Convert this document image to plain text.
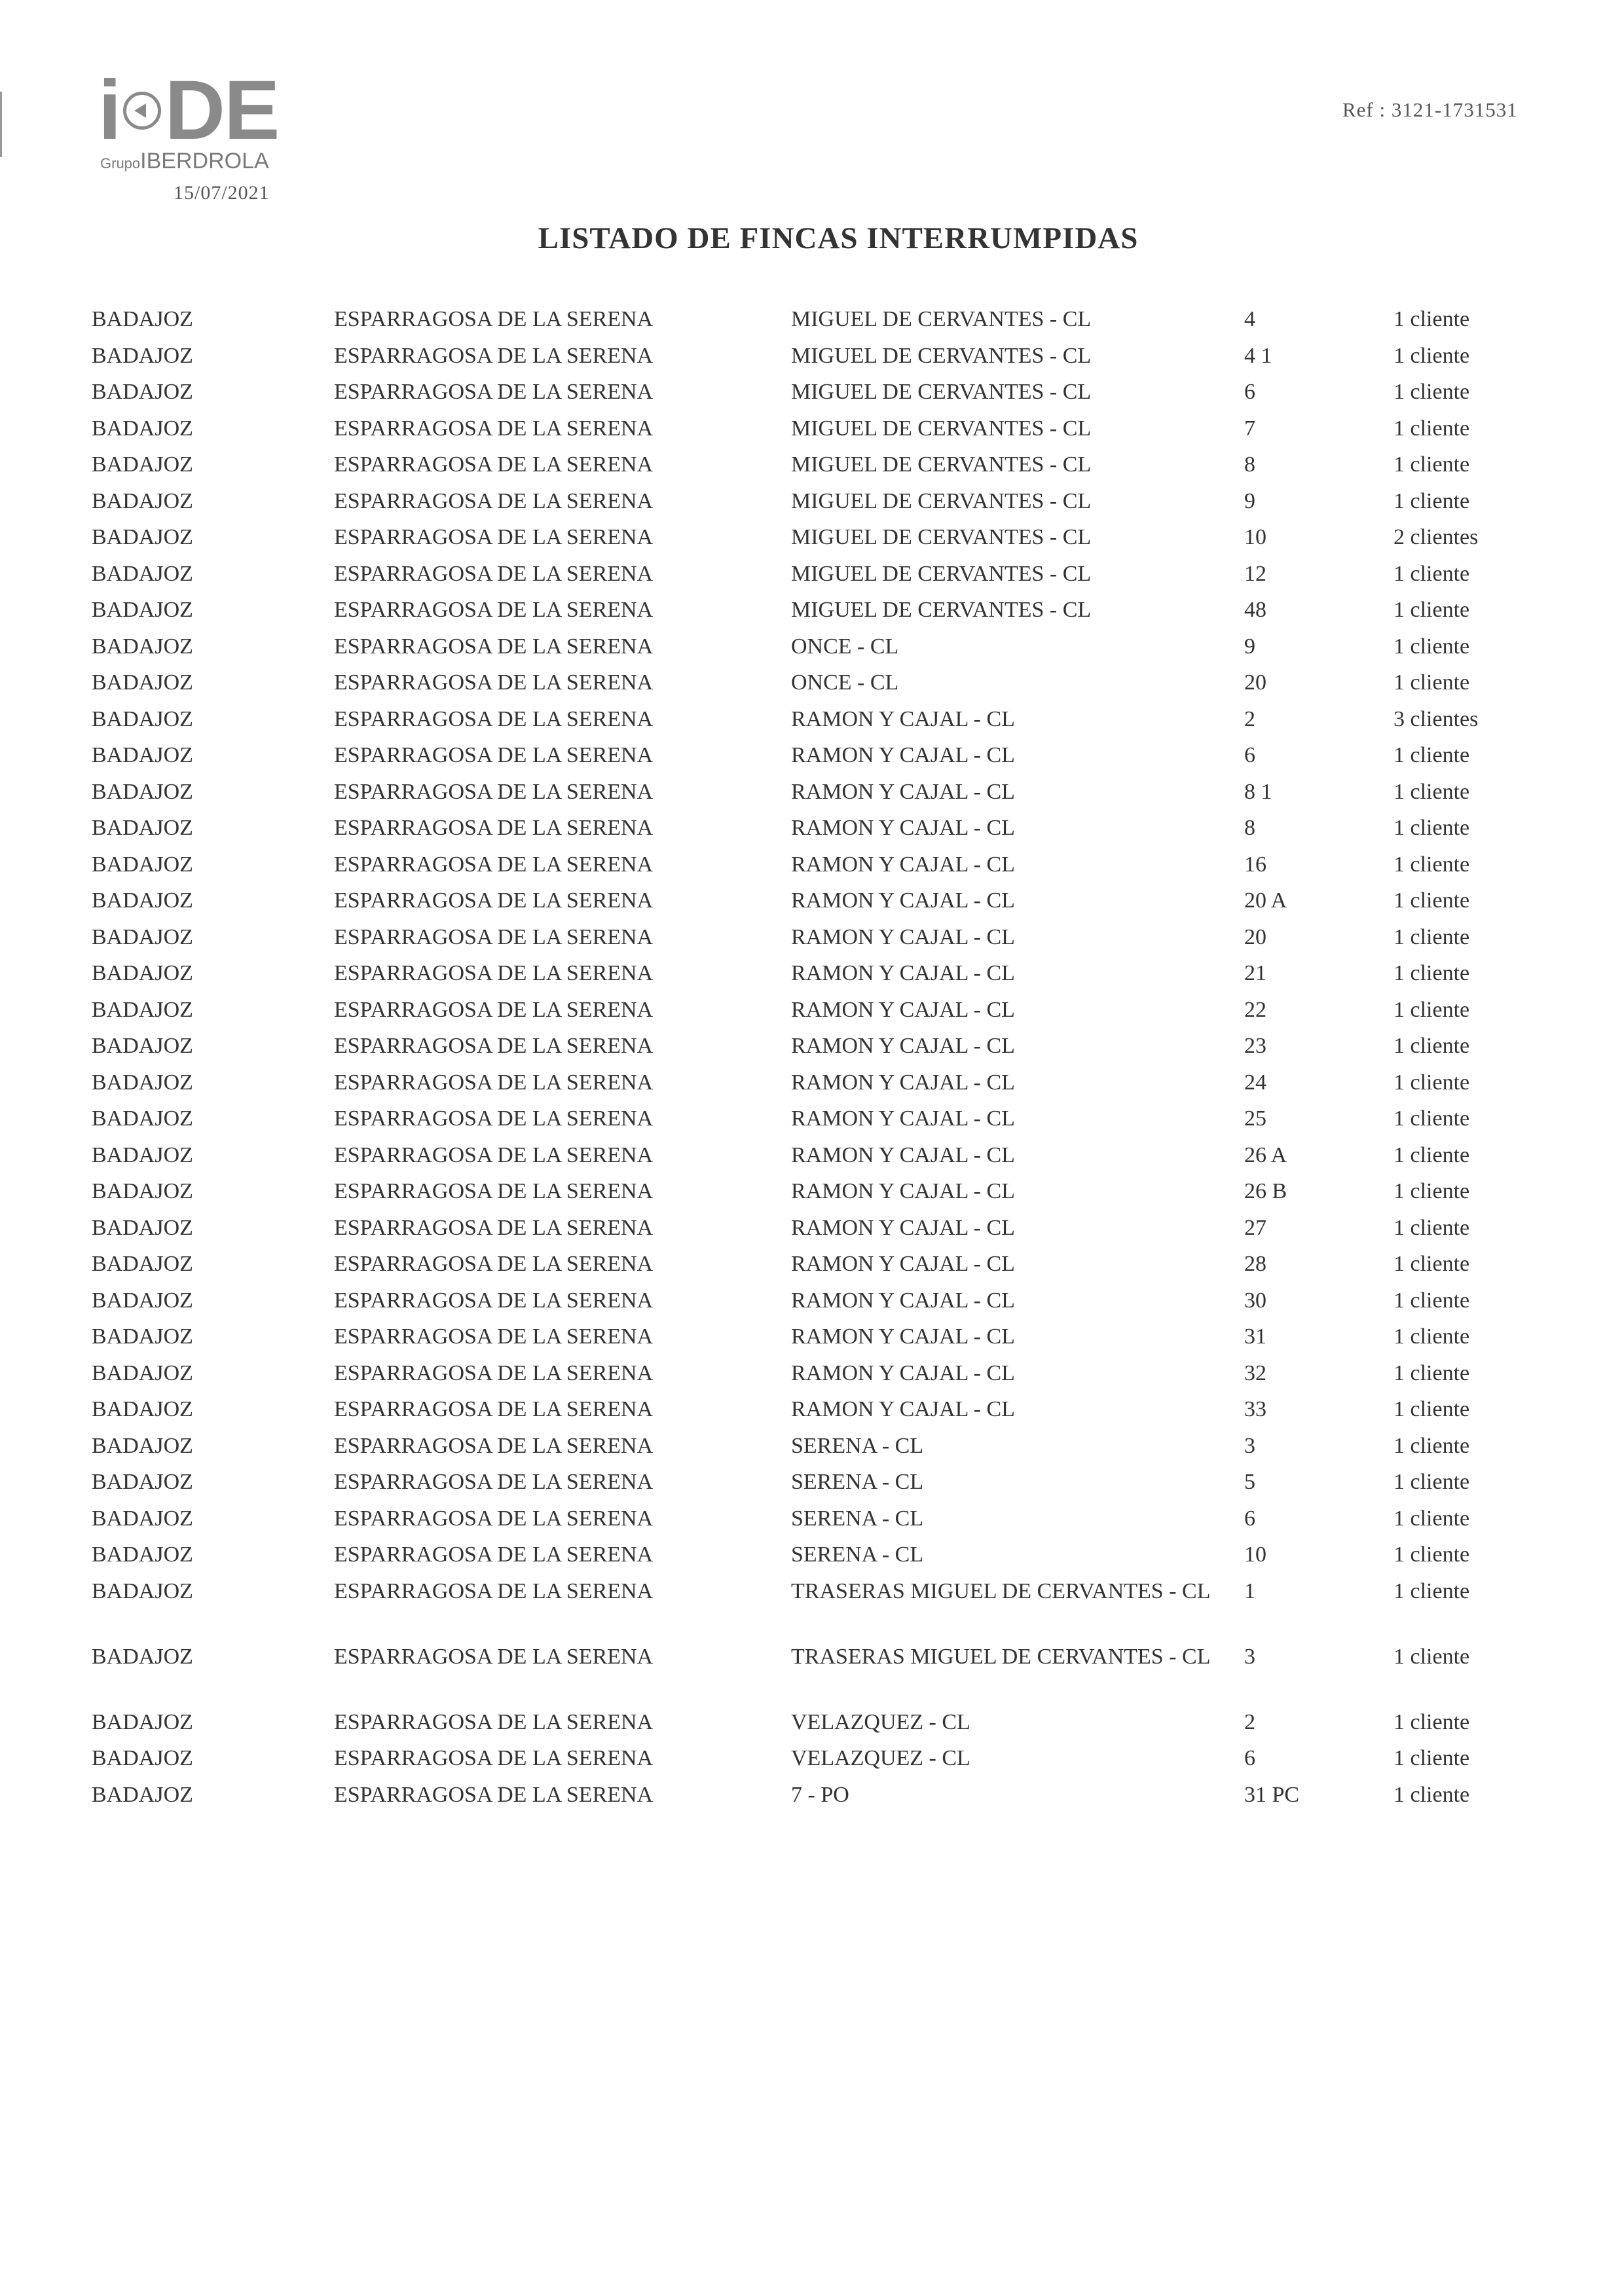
i DE
GrupoIBERDROLA
15/07/2021
Ref : 3121-1731531
LISTADO DE FINCAS INTERRUMPIDAS
BADAJOZ	ESPARRAGOSA DE LA SERENA	MIGUEL DE CERVANTES - CL	4	1 cliente
BADAJOZ	ESPARRAGOSA DE LA SERENA	MIGUEL DE CERVANTES - CL	4 1	1 cliente
BADAJOZ	ESPARRAGOSA DE LA SERENA	MIGUEL DE CERVANTES - CL	6	1 cliente
BADAJOZ	ESPARRAGOSA DE LA SERENA	MIGUEL DE CERVANTES - CL	7	1 cliente
BADAJOZ	ESPARRAGOSA DE LA SERENA	MIGUEL DE CERVANTES - CL	8	1 cliente
BADAJOZ	ESPARRAGOSA DE LA SERENA	MIGUEL DE CERVANTES - CL	9	1 cliente
BADAJOZ	ESPARRAGOSA DE LA SERENA	MIGUEL DE CERVANTES - CL	10	2 clientes
BADAJOZ	ESPARRAGOSA DE LA SERENA	MIGUEL DE CERVANTES - CL	12	1 cliente
BADAJOZ	ESPARRAGOSA DE LA SERENA	MIGUEL DE CERVANTES - CL	48	1 cliente
BADAJOZ	ESPARRAGOSA DE LA SERENA	ONCE - CL	9	1 cliente
BADAJOZ	ESPARRAGOSA DE LA SERENA	ONCE - CL	20	1 cliente
BADAJOZ	ESPARRAGOSA DE LA SERENA	RAMON Y CAJAL - CL	2	3 clientes
BADAJOZ	ESPARRAGOSA DE LA SERENA	RAMON Y CAJAL - CL	6	1 cliente
BADAJOZ	ESPARRAGOSA DE LA SERENA	RAMON Y CAJAL - CL	8 1	1 cliente
BADAJOZ	ESPARRAGOSA DE LA SERENA	RAMON Y CAJAL - CL	8	1 cliente
BADAJOZ	ESPARRAGOSA DE LA SERENA	RAMON Y CAJAL - CL	16	1 cliente
BADAJOZ	ESPARRAGOSA DE LA SERENA	RAMON Y CAJAL - CL	20 A	1 cliente
BADAJOZ	ESPARRAGOSA DE LA SERENA	RAMON Y CAJAL - CL	20	1 cliente
BADAJOZ	ESPARRAGOSA DE LA SERENA	RAMON Y CAJAL - CL	21	1 cliente
BADAJOZ	ESPARRAGOSA DE LA SERENA	RAMON Y CAJAL - CL	22	1 cliente
BADAJOZ	ESPARRAGOSA DE LA SERENA	RAMON Y CAJAL - CL	23	1 cliente
BADAJOZ	ESPARRAGOSA DE LA SERENA	RAMON Y CAJAL - CL	24	1 cliente
BADAJOZ	ESPARRAGOSA DE LA SERENA	RAMON Y CAJAL - CL	25	1 cliente
BADAJOZ	ESPARRAGOSA DE LA SERENA	RAMON Y CAJAL - CL	26 A	1 cliente
BADAJOZ	ESPARRAGOSA DE LA SERENA	RAMON Y CAJAL - CL	26 B	1 cliente
BADAJOZ	ESPARRAGOSA DE LA SERENA	RAMON Y CAJAL - CL	27	1 cliente
BADAJOZ	ESPARRAGOSA DE LA SERENA	RAMON Y CAJAL - CL	28	1 cliente
BADAJOZ	ESPARRAGOSA DE LA SERENA	RAMON Y CAJAL - CL	30	1 cliente
BADAJOZ	ESPARRAGOSA DE LA SERENA	RAMON Y CAJAL - CL	31	1 cliente
BADAJOZ	ESPARRAGOSA DE LA SERENA	RAMON Y CAJAL - CL	32	1 cliente
BADAJOZ	ESPARRAGOSA DE LA SERENA	RAMON Y CAJAL - CL	33	1 cliente
BADAJOZ	ESPARRAGOSA DE LA SERENA	SERENA - CL	3	1 cliente
BADAJOZ	ESPARRAGOSA DE LA SERENA	SERENA - CL	5	1 cliente
BADAJOZ	ESPARRAGOSA DE LA SERENA	SERENA - CL	6	1 cliente
BADAJOZ	ESPARRAGOSA DE LA SERENA	SERENA - CL	10	1 cliente
BADAJOZ	ESPARRAGOSA DE LA SERENA	TRASERAS MIGUEL DE CERVANTES - CL	1	1 cliente
BADAJOZ	ESPARRAGOSA DE LA SERENA	TRASERAS MIGUEL DE CERVANTES - CL	3	1 cliente
BADAJOZ	ESPARRAGOSA DE LA SERENA	VELAZQUEZ - CL	2	1 cliente
BADAJOZ	ESPARRAGOSA DE LA SERENA	VELAZQUEZ - CL	6	1 cliente
BADAJOZ	ESPARRAGOSA DE LA SERENA	7 - PO	31 PC	1 cliente
